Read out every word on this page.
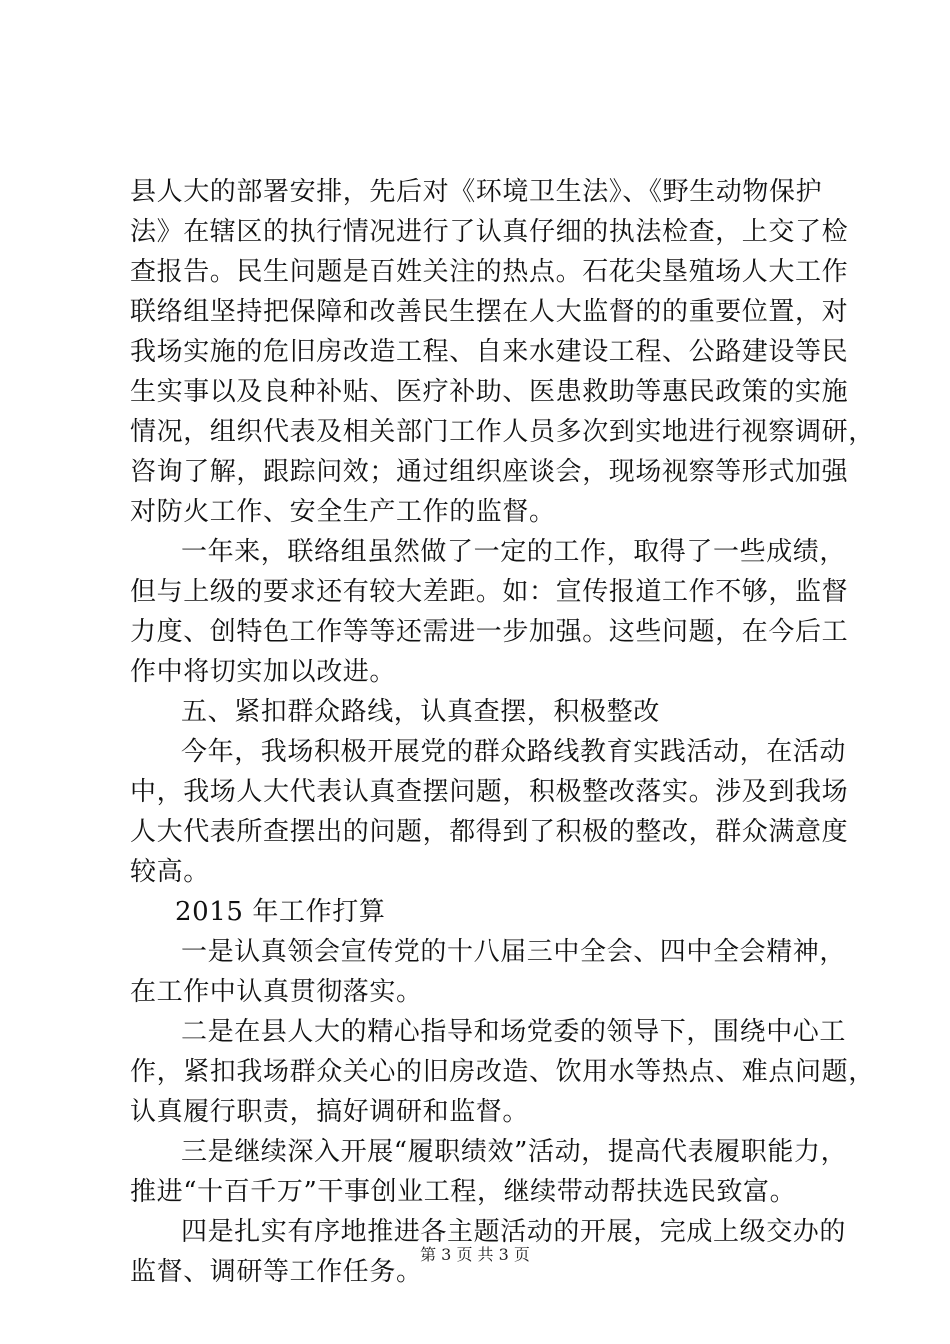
县人大的部署安排，先后对《环境卫生法》、《野生动物保护
法》在辖区的执行情况进行了认真仔细的执法检查，上交了检
查报告。民生问题是百姓关注的热点。石花尖垦殖场人大工作
联络组坚持把保障和改善民生摆在人大监督的的重要位置，对
我场实施的危旧房改造工程、自来水建设工程、公路建设等民
生实事以及良种补贴、医疗补助、医患救助等惠民政策的实施
情况，组织代表及相关部门工作人员多次到实地进行视察调研，
咨询了解，跟踪问效；通过组织座谈会，现场视察等形式加强
对防火工作、安全生产工作的监督。
一年来，联络组虽然做了一定的工作，取得了一些成绩，
但与上级的要求还有较大差距。如：宣传报道工作不够，监督
力度、创特色工作等等还需进一步加强。这些问题，在今后工
作中将切实加以改进。
五、紧扣群众路线，认真查摆，积极整改
今年，我场积极开展党的群众路线教育实践活动，在活动
中，我场人大代表认真查摆问题，积极整改落实。涉及到我场
人大代表所查摆出的问题，都得到了积极的整改，群众满意度
较高。
2015 年工作打算
一是认真领会宣传党的十八届三中全会、四中全会精神，
在工作中认真贯彻落实。
二是在县人大的精心指导和场党委的领导下，围绕中心工
作，紧扣我场群众关心的旧房改造、饮用水等热点、难点问题，
认真履行职责，搞好调研和监督。
三是继续深入开展“履职绩效”活动，提高代表履职能力，
推进“十百千万”干事创业工程，继续带动帮扶选民致富。
四是扎实有序地推进各主题活动的开展，完成上级交办的
监督、调研等工作任务。
第 3 页 共 3 页
